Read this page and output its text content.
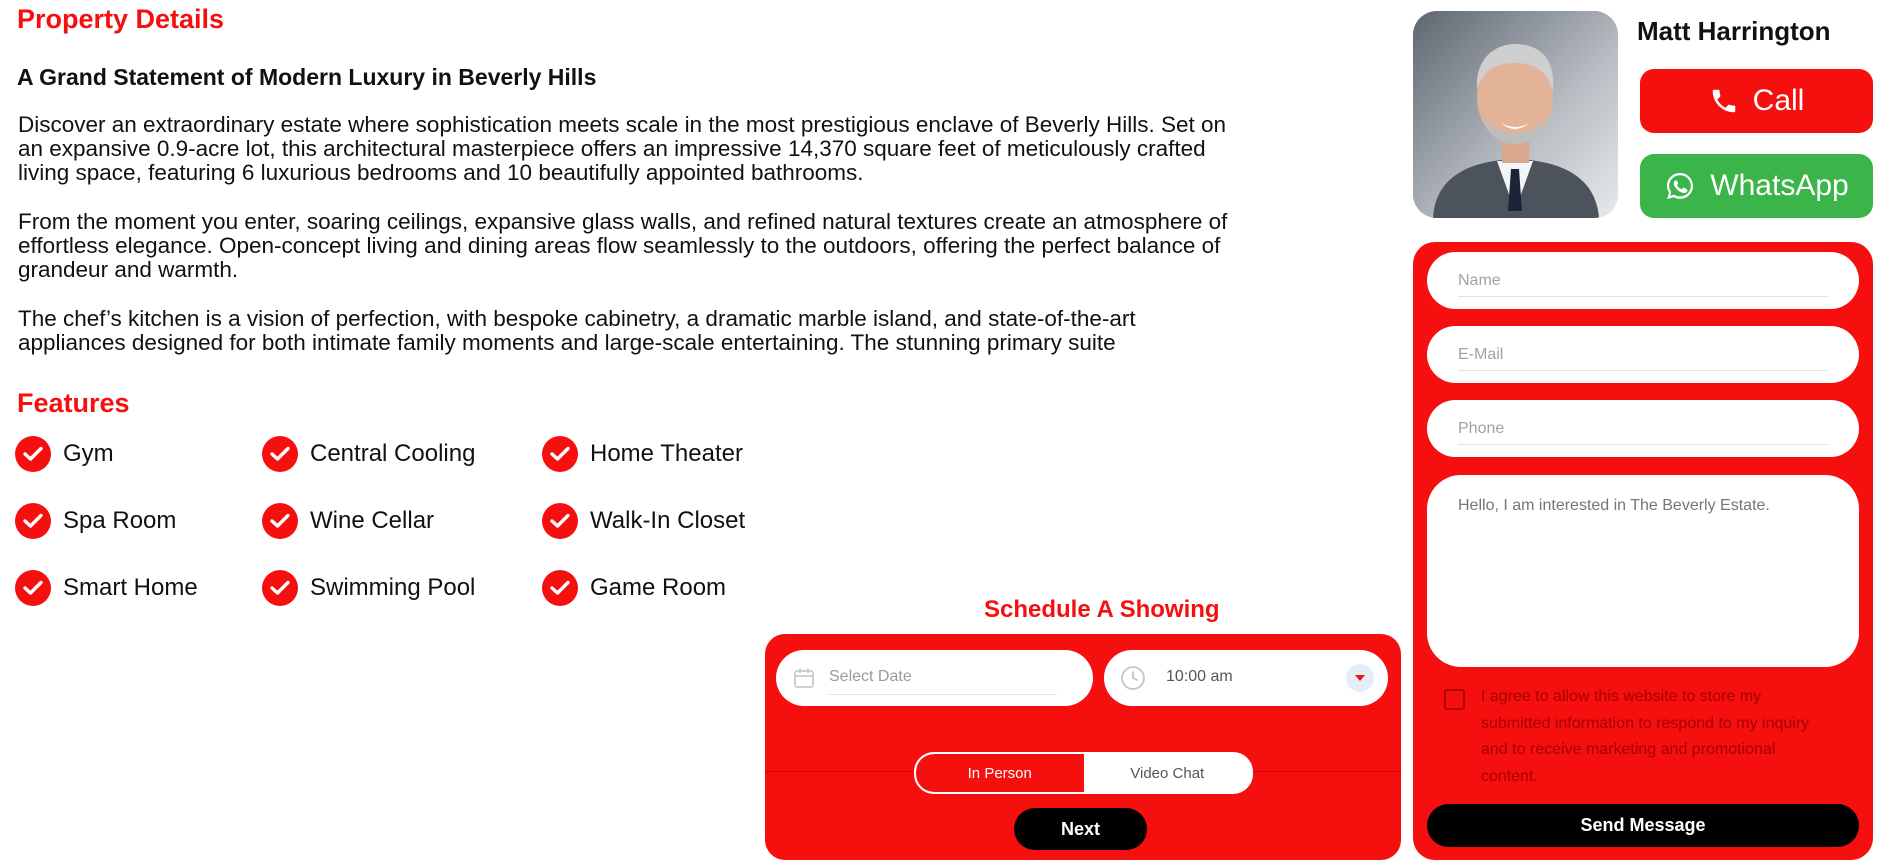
Property Details
A Grand Statement of Modern Luxury in Beverly Hills

Discover an extraordinary estate where sophistication meets scale in the most prestigious enclave of Beverly Hills. Set on an expansive 0.9-acre lot, this architectural masterpiece offers an impressive 14,370 square feet of meticulously crafted living space, featuring 6 luxurious bedrooms and 10 beautifully appointed bathrooms.

From the moment you enter, soaring ceilings, expansive glass walls, and refined natural textures create an atmosphere of effortless elegance. Open-concept living and dining areas flow seamlessly to the outdoors, offering the perfect balance of grandeur and warmth.

The chef’s kitchen is a vision of perfection, with bespoke cabinetry, a dramatic marble island, and state-of-the-art appliances designed for both intimate family moments and large-scale entertaining. The stunning primary suite

Features
Gym	Central Cooling	Home Theater
Spa Room	Wine Cellar	Walk-In Closet
Smart Home	Swimming Pool	Game Room
Matt Harrington
Call
WhatsApp
Name
E-Mail
Phone
Hello, I am interested in The Beverly Estate.
I agree to allow this website to store my submitted information to respond to my inquiry and to receive marketing and promotional content.
Send Message
Schedule A Showing
Select Date	10:00 am
In Person	Video Chat
Next
